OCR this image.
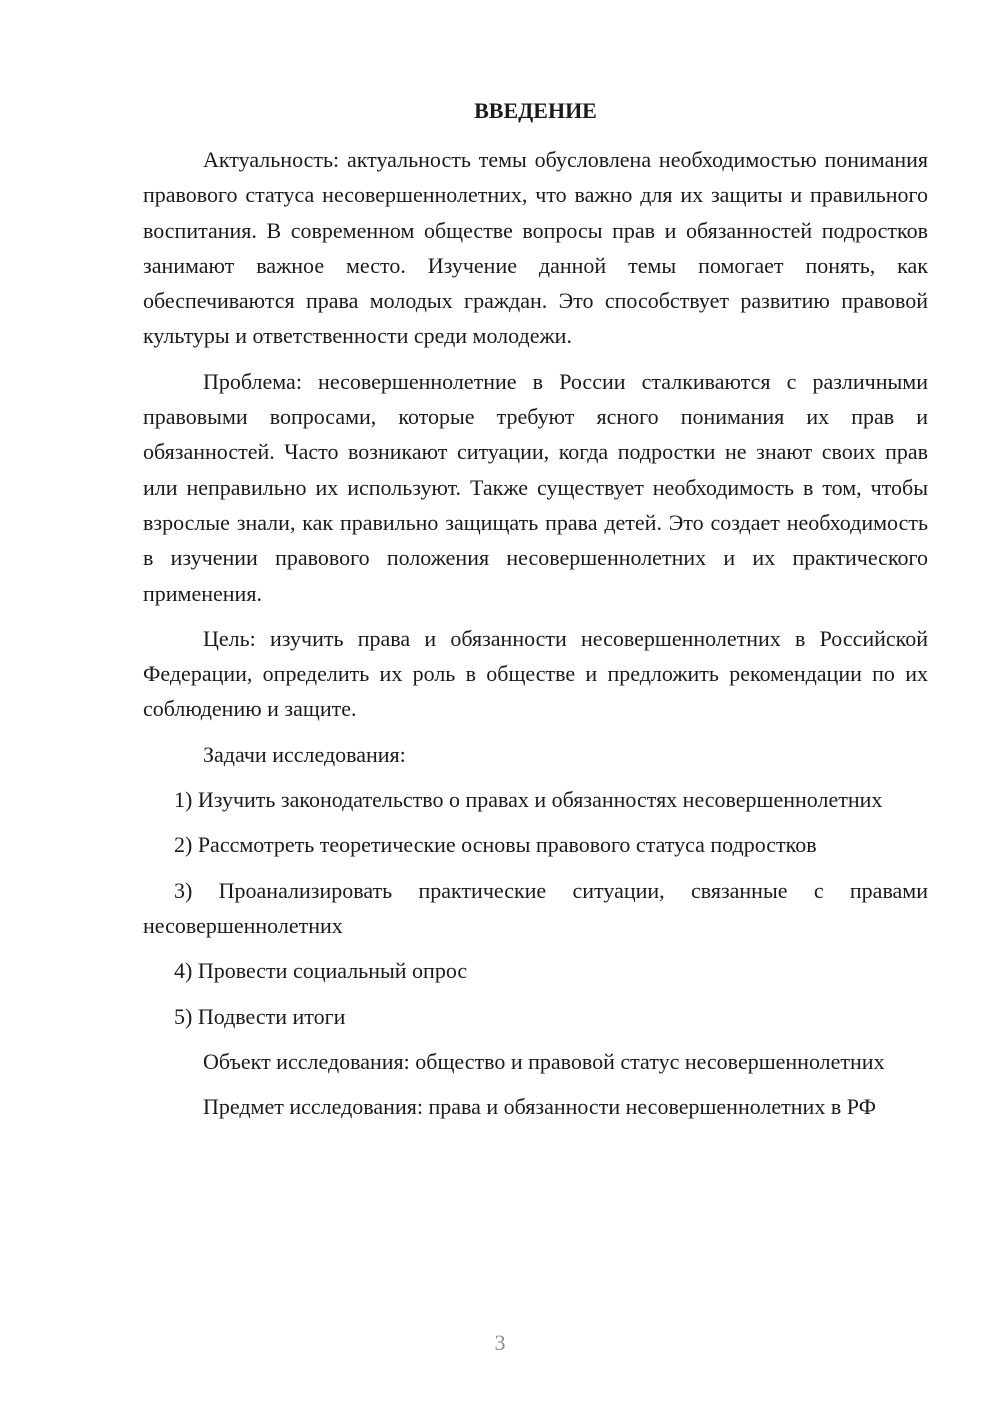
ВВЕДЕНИЕ

Актуальность: актуальность темы обусловлена необходимостью понимания правового статуса несовершеннолетних, что важно для их защиты и правильного воспитания. В современном обществе вопросы прав и обязанностей подростков занимают важное место. Изучение данной темы помогает понять, как обеспечиваются права молодых граждан. Это способствует развитию правовой культуры и ответственности среди молодежи.

Проблема: несовершеннолетние в России сталкиваются с различными правовыми вопросами, которые требуют ясного понимания их прав и обязанностей. Часто возникают ситуации, когда подростки не знают своих прав или неправильно их используют. Также существует необходимость в том, чтобы взрослые знали, как правильно защищать права детей. Это создает необходимость в изучении правового положения несовершеннолетних и их практического применения.

Цель: изучить права и обязанности несовершеннолетних в Российской Федерации, определить их роль в обществе и предложить рекомендации по их соблюдению и защите.

Задачи исследования:

1) Изучить законодательство о правах и обязанностях несовершеннолетних

2) Рассмотреть теоретические основы правового статуса подростков

3) Проанализировать практические ситуации, связанные с правами несовершеннолетних

4) Провести социальный опрос

5) Подвести итоги

Объект исследования: общество и правовой статус несовершеннолетних

Предмет исследования: права и обязанности несовершеннолетних в РФ

3
